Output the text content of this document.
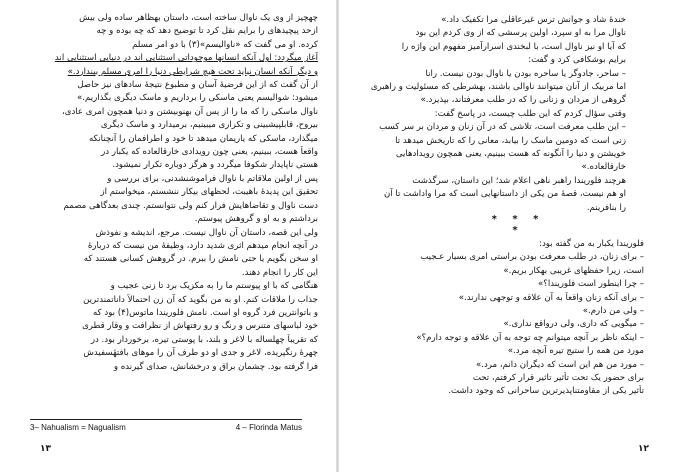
چهچیز از وی یک ناوال ساخته است، داستان بهظاهر ساده ولی بیش
ازحد پیچیدهای را برایم نقل کرد تا توضیح دهد که چه بوده و چه
کرده. او می گفت که «ناوالیسم»(۳) با دو امر مسلم
آغاز میگردد: اول آنکه انسانها موجوداتی استثنایی اند در دنیایی استثنایی اند
و دیگر آنکه انسان نباید تحت هیچ شرایطی دنیا را امری مسلم بپندارد.»
از آن گفت که از این فرضیهٔ آسان و مطبوع نتیجهٔ سادهای نیز حاصل
میشود: شوالیسم یعنی ماسکی را برداریم و ماسک دیگری بگذاریم.»
ناوال ماسکی را که ما را از پس آن بهنوبیشتن و دنیا همچون امری عادی،
بیروح، قابلپیشبینی و تکراری میبینیم، برمیدارد و ماسک دیگری
میگذارد، ماسکی که یاریمان میدهد تا خود و اطرافمان را آنچنانکه
واقعاً هست، ببینیم، یعنی چون رویدادی خارقالعاده که یکبار در
هستی ناپایدار شکوفا میگردد و هرگز دوباره تکرار نمیشود.
پس از اولین ملاقاتم با ناوال فراموشنشدنی، برای بررسی و
تحقیق این پدیدهٔ باهیبت، لحظهای بیکار ننشستم، میخواستم از
دست ناوال و تقاضاهایش فرار کنم ولی نتوانستم. چندی بعدگاهی مصمم
برداشتم و به او و گروهش پیوستم.
ولی این قصه، داستان آن ناوال نیست. مرجع، اندیشه و نفوذش
در آنچه انجام میدهم اثری شدید دارد، وظیفهٔ من نیست که دربارهٔ
او سخن بگویم یا حتی نامش را ببرم. در گروهش کسانی هستند که
این کار را انجام دهند.
هنگامی که با او پیوستم ما را به مکزیک برد تا زنی عجیب و
جذاب را ملاقات کنم. او به من بگوید که آن زن احتمالاً داناتمندترین
و باتوانترین فرد گروه او است. نامش فلوریندا ماتوس(۴) بود که
خود لباسهای متنرس و رنگ و رو رفتهاش از نظرافت و وقار قطری
که تقریباً چهلساله با لاغر و بلند، با پوستی تیره، برخوردار بود. در
چهرهٔ رنگپریده، لاغر و جدی او دو طرف آن را موهای بافتهٔسفیدش
فرا گرفته بود. چشمان براق و درخشانش، صدای گیرنده و
3– Nahualism = Nagualism	4 – Florinda Matus
۱۳
خندهٔ شاد و جوانش ترس غیرعاقلی مرا تکفیک داد.»
ناوال مرا به او سپرد، اولین پرسشی که از وی کردم این بود
که آیا او نیز ناوال است، با لبخندی اسرارآمیز مفهوم این واژه را
برایم بوشکافی کرد و گفت:
– ساحر، جادوگر یا ساحره بودن یا ناوال بودن نیست. رانا
اما مربیک از آنان میتوانند ناوالی باشند، بهشرطی که مسئولیت و راهبری
گروهی از مردان و زنانی را که در طلب معرفتاند، بپذیرد.»
وقتی سؤال کردم که این طلب چیست، در پاسخ گفت:
– این طلب معرفت است، تلاشی که در آن زنان و مردان بر سر کسب
زنی است که دومین ماسک را بیابد، معانی را که تاریخش میدهد تا
خویشتن و دنیا را آنگونه که هست ببینیم، یعنی همچون رویدادهایی
خارقالعاده.»
هرچند فلوریندا راهبر ناهی اعلام شد؛ این داستان، سرگذشت
او هم نیست، قصهٔ من یکی از داستانهایی است که مرا واداشت تا آن
را بنافرینم.
* * * *
فلوریندا یکبار به من گفته بود:
– برای زنان، در طلب معرفت بودن براستی امری بسیار عـجیب
است، زیرا حفظهای غریبی بهکار بریم.»
– چرا اینطور است فلوریندا؟»
– برای آنکه زنان واقعاً به آن علاقه و توجهی ندارند.»
– ولی من دارم.»
– میگویی که داری، ولی درواقع نداری.»
– اینکه ناظر بر آنچه میتوانم چه توجه به آن علاقه و توجه دارم؟»
مورد من همه را ستیج تیره آنچه مرد.»
– مورد من هم این است که دیگران دانم، مرد.»
برای حضور یک تحت تأثیر تاثیر قرار کرفتم، تحت
تأثیر یکی از مقاومتناپذیرترین ساحرانی که وجود داشت.
۱۲
